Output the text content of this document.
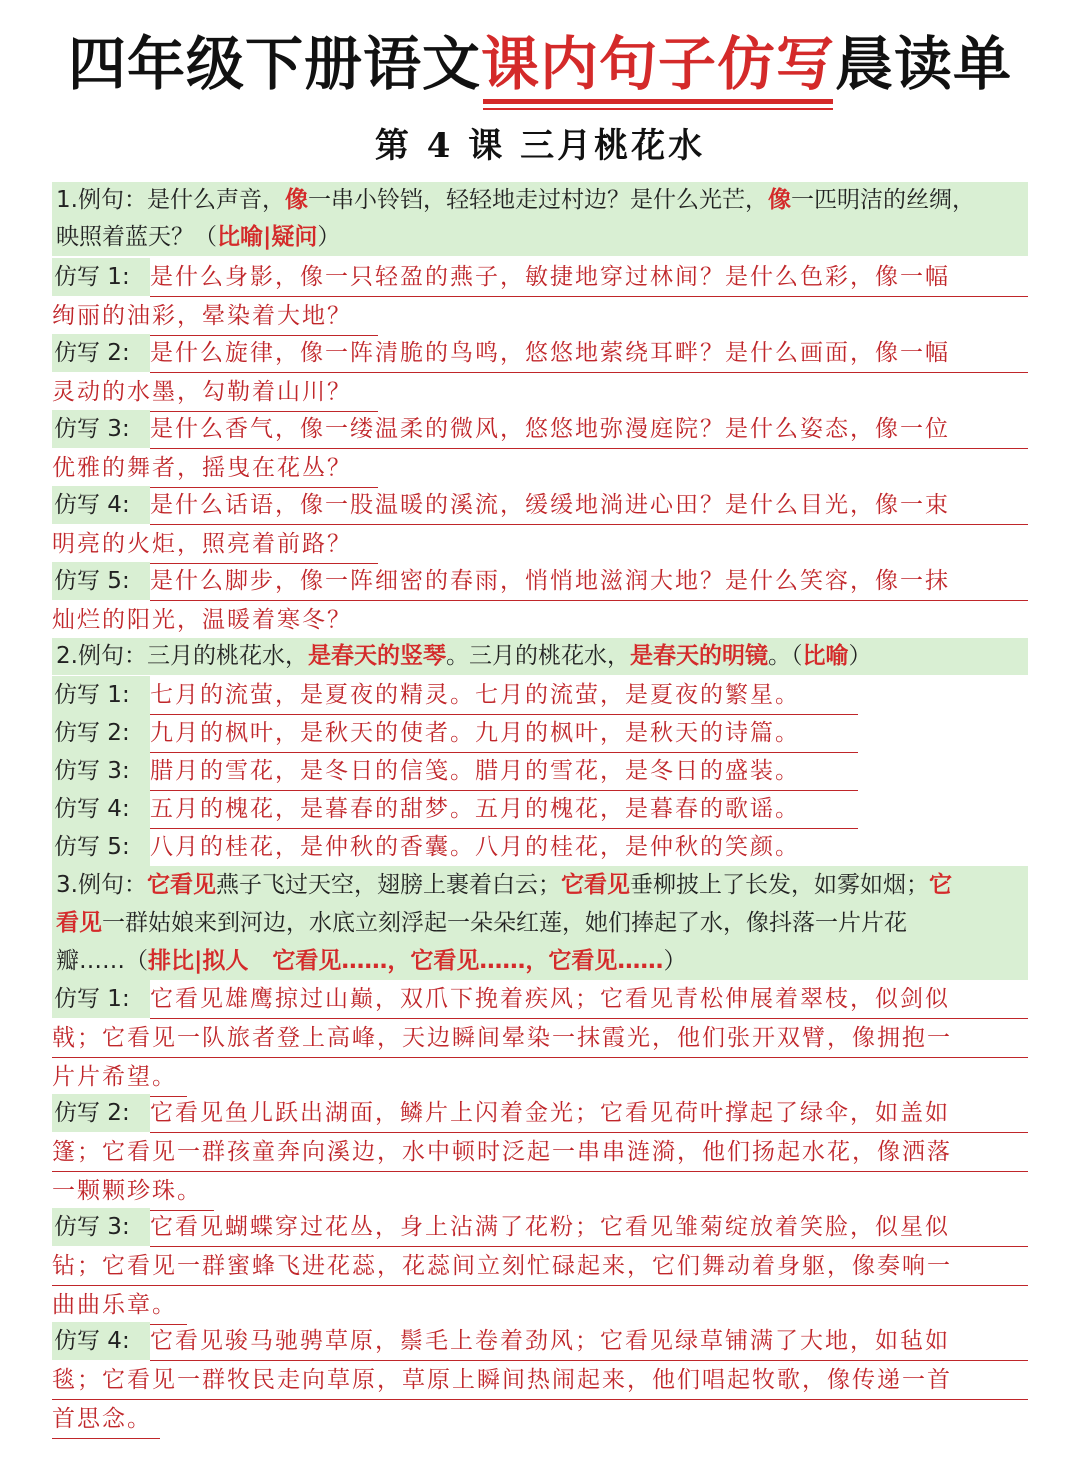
四年级下册语文课内句子仿写晨读单
第 4 课 三月桃花水
1.例句：是什么声音，像一串小铃铛，轻轻地走过村边？是什么光芒，像一匹明洁的丝绸，
映照着蓝天？（比喻|疑问）
仿写 1: 是什么身影，像一只轻盈的燕子，敏捷地穿过林间？是什么色彩，像一幅
绚丽的油彩，晕染着大地？
仿写 2: 是什么旋律，像一阵清脆的鸟鸣，悠悠地萦绕耳畔？是什么画面，像一幅
灵动的水墨，勾勒着山川？
仿写 3: 是什么香气，像一缕温柔的微风，悠悠地弥漫庭院？是什么姿态，像一位
优雅的舞者，摇曳在花丛？
仿写 4: 是什么话语，像一股温暖的溪流，缓缓地淌进心田？是什么目光，像一束
明亮的火炬，照亮着前路？
仿写 5: 是什么脚步，像一阵细密的春雨，悄悄地滋润大地？是什么笑容，像一抹
灿烂的阳光，温暖着寒冬？
2.例句：三月的桃花水，是春天的竖琴。三月的桃花水，是春天的明镜。（比喻）
仿写 1: 七月的流萤，是夏夜的精灵。七月的流萤，是夏夜的繁星。
仿写 2: 九月的枫叶，是秋天的使者。九月的枫叶，是秋天的诗篇。
仿写 3: 腊月的雪花，是冬日的信笺。腊月的雪花，是冬日的盛装。
仿写 4: 五月的槐花，是暮春的甜梦。五月的槐花，是暮春的歌谣。
仿写 5: 八月的桂花，是仲秋的香囊。八月的桂花，是仲秋的笑颜。
3.例句：它看见燕子飞过天空，翅膀上裹着白云；它看见垂柳披上了长发，如雾如烟；它
看见一群姑娘来到河边，水底立刻浮起一朵朵红莲，她们捧起了水，像抖落一片片花
瓣……（排比|拟人   它看见……，它看见……，它看见……）
仿写 1: 它看见雄鹰掠过山巅，双爪下挽着疾风；它看见青松伸展着翠枝，似剑似
戟；它看见一队旅者登上高峰，天边瞬间晕染一抹霞光，他们张开双臂，像拥抱一
片片希望。
仿写 2: 它看见鱼儿跃出湖面，鳞片上闪着金光；它看见荷叶撑起了绿伞，如盖如
篷；它看见一群孩童奔向溪边，水中顿时泛起一串串涟漪，他们扬起水花，像洒落
一颗颗珍珠。
仿写 3: 它看见蝴蝶穿过花丛，身上沾满了花粉；它看见雏菊绽放着笑脸，似星似
钻；它看见一群蜜蜂飞进花蕊，花蕊间立刻忙碌起来，它们舞动着身躯，像奏响一
曲曲乐章。
仿写 4: 它看见骏马驰骋草原，鬃毛上卷着劲风；它看见绿草铺满了大地，如毡如
毯；它看见一群牧民走向草原，草原上瞬间热闹起来，他们唱起牧歌，像传递一首
首思念。
